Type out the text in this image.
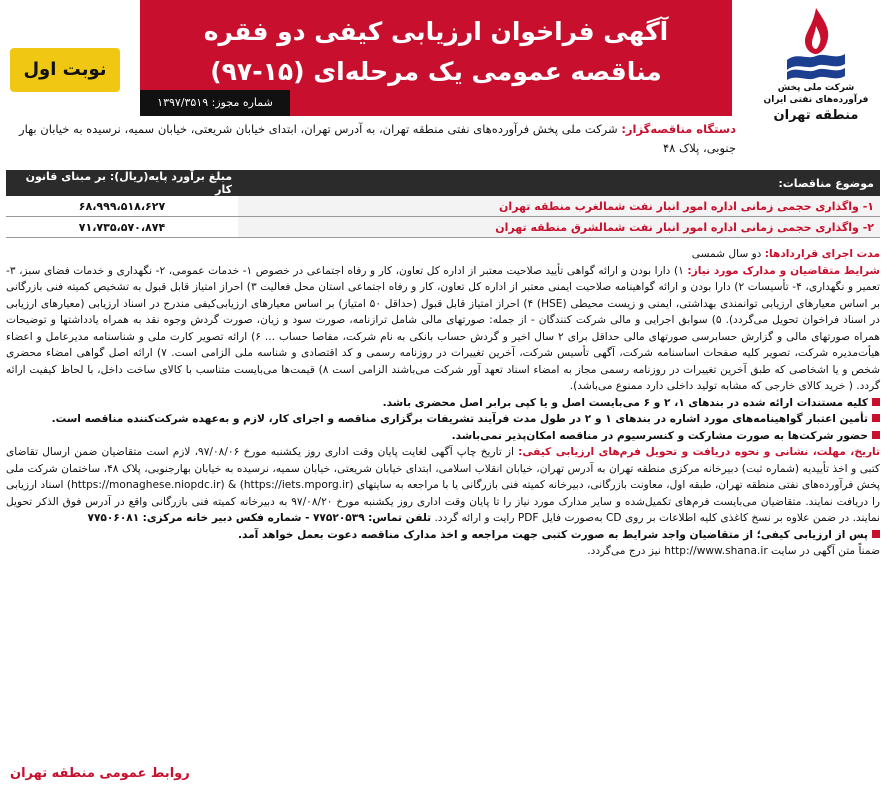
آگهی فراخوان ارزیابی کیفی دو فقره
مناقصه عمومی یک مرحله‌ای (۱۵-۹۷)
نوبت اول
شماره مجوز: ۱۳۹۷/۳۵۱۹
شرکت ملی پخش فرآورده‌های نفتی ایران
منطقه تهران
دستگاه مناقصه‌گزار: شرکت ملی پخش فرآورده‌های نفتی منطقه تهران، به آدرس تهران، ابتدای خیابان شریعتی، خیابان سمیه، نرسیده به خیابان بهار جنوبی، پلاک ۴۸
موضوع مناقصات:	مبلغ برآورد پایه(ریال): بر مبنای قانون کار
۱- واگذاری حجمی زمانی اداره امور انبار نفت شمالغرب منطقه تهران	۶۸،۹۹۹،۵۱۸،۶۲۷
۲- واگذاری حجمی زمانی اداره امور انبار نفت شمالشرق منطقه تهران	۷۱،۷۳۵،۵۷۰،۸۷۴

مدت اجرای قراردادها: دو سال شمسی

شرایط متقاضیان و مدارک مورد نیاز: ۱) دارا بودن و ارائه گواهی تأیید صلاحیت معتبر از اداره کل تعاون، کار و رفاه اجتماعی در خصوص ۱- خدمات عمومی، ۲- نگهداری و خدمات فضای سبز، ۳- تعمیر و نگهداری، ۴- تأسیسات ۲) دارا بودن و ارائه گواهینامه صلاحیت ایمنی معتبر از اداره کل تعاون، کار و رفاه اجتماعی استان محل فعالیت ۳) احراز امتیاز قابل قبول به تشخیص کمیته فنی بازرگانی بر اساس معیارهای ارزیابی توانمندی بهداشتی، ایمنی و زیست محیطی (HSE) ۴) احراز امتیاز قابل قبول (حداقل ۵۰ امتیاز) بر اساس معیارهای ارزیابی‌کیفی مندرج در اسناد ارزیابی (معیارهای ارزیابی در اسناد فراخوان تحویل می‌گردد). ۵) سوابق اجرایی و مالی شرکت کنندگان - از جمله: صورتهای مالی شامل ترازنامه، صورت سود و زیان، صورت گردش وجوه نقد به همراه یادداشتها و توضیحات همراه صورتهای مالی و گزارش حسابرسی صورتهای مالی حداقل برای ۲ سال اخیر و گردش حساب بانکی به نام شرکت، مفاصا حساب ... ۶) ارائه تصویر کارت ملی و شناسنامه مدیرعامل و اعضاء هیأت‌مدیره شرکت، تصویر کلیه صفحات اساسنامه شرکت، آگهی تأسیس شرکت، آخرین تغییرات در روزنامه رسمی و کد اقتصادی و شناسه ملی الزامی است. ۷) ارائه اصل گواهی امضاء محضری شخص و یا اشخاصی که طبق آخرین تغییرات در روزنامه رسمی مجاز به امضاء اسناد تعهد آور شرکت می‌باشند الزامی است ۸) قیمت‌ها می‌بایست متناسب با کالای ساخت داخل، با لحاظ کیفیت ارائه گردد. ( خرید کالای خارجی که مشابه تولید داخلی دارد ممنوع می‌باشد).

کلیه مستندات ارائه شده در بندهای ۱، ۲ و ۶ می‌بایست اصل و یا کپی برابر اصل محضری باشد.

تأمین اعتبار گواهینامه‌های مورد اشاره در بندهای ۱ و ۲ در طول مدت فرآیند تشریفات برگزاری مناقصه و اجرای کار، لازم و به‌عهده شرکت‌کننده مناقصه است.

حضور شرکت‌ها به صورت مشارکت و کنسرسیوم در مناقصه امکان‌پذیر نمی‌باشد.

تاریخ، مهلت، نشانی و نحوه دریافت و تحویل فرم‌های ارزیابی کیفی: از تاریخ چاپ آگهی لغایت پایان وقت اداری روز یکشنبه مورخ ۹۷/۰۸/۰۶، لازم است متقاضیان ضمن ارسال تقاضای کتبی و اخذ تأییدیه (شماره ثبت) دبیرخانه مرکزی منطقه تهران به آدرس تهران، خیابان انقلاب اسلامی، ابتدای خیابان شریعتی، خیابان سمیه، نرسیده به خیابان بهارجنوبی، پلاک ۴۸، ساختمان شرکت ملی پخش فرآورده‌های نفتی منطقه تهران، طبقه اول، معاونت بازرگانی، دبیرخانه کمیته فنی بازرگانی یا با مراجعه به سایتهای (https://iets.mporg.ir) & (https://monaghese.niopdc.ir) اسناد ارزیابی را دریافت نمایند. متقاضیان می‌بایست فرم‌های تکمیل‌شده و سایر مدارک مورد نیاز را تا پایان وقت اداری روز یکشنبه مورخ ۹۷/۰۸/۲۰ به دبیرخانه کمیته فنی بازرگانی واقع در آدرس فوق الذکر تحویل نمایند. در ضمن علاوه بر نسخ کاغذی کلیه اطلاعات بر روی CD به‌صورت فایل PDF رایت و ارائه گردد. تلفن تماس: ۷۷۵۲۰۵۳۹ - شماره فکس دبیر خانه مرکزی: ۷۷۵۰۶۰۸۱

پس از ارزیابی کیفی؛ از متقاضیان واجد شرایط به صورت کتبی جهت مراجعه و اخذ مدارک مناقصه دعوت بعمل خواهد آمد.

ضمناً متن آگهی در سایت http://www.shana.ir نیز درج می‌گردد.

روابط عمومی منطقه تهران
